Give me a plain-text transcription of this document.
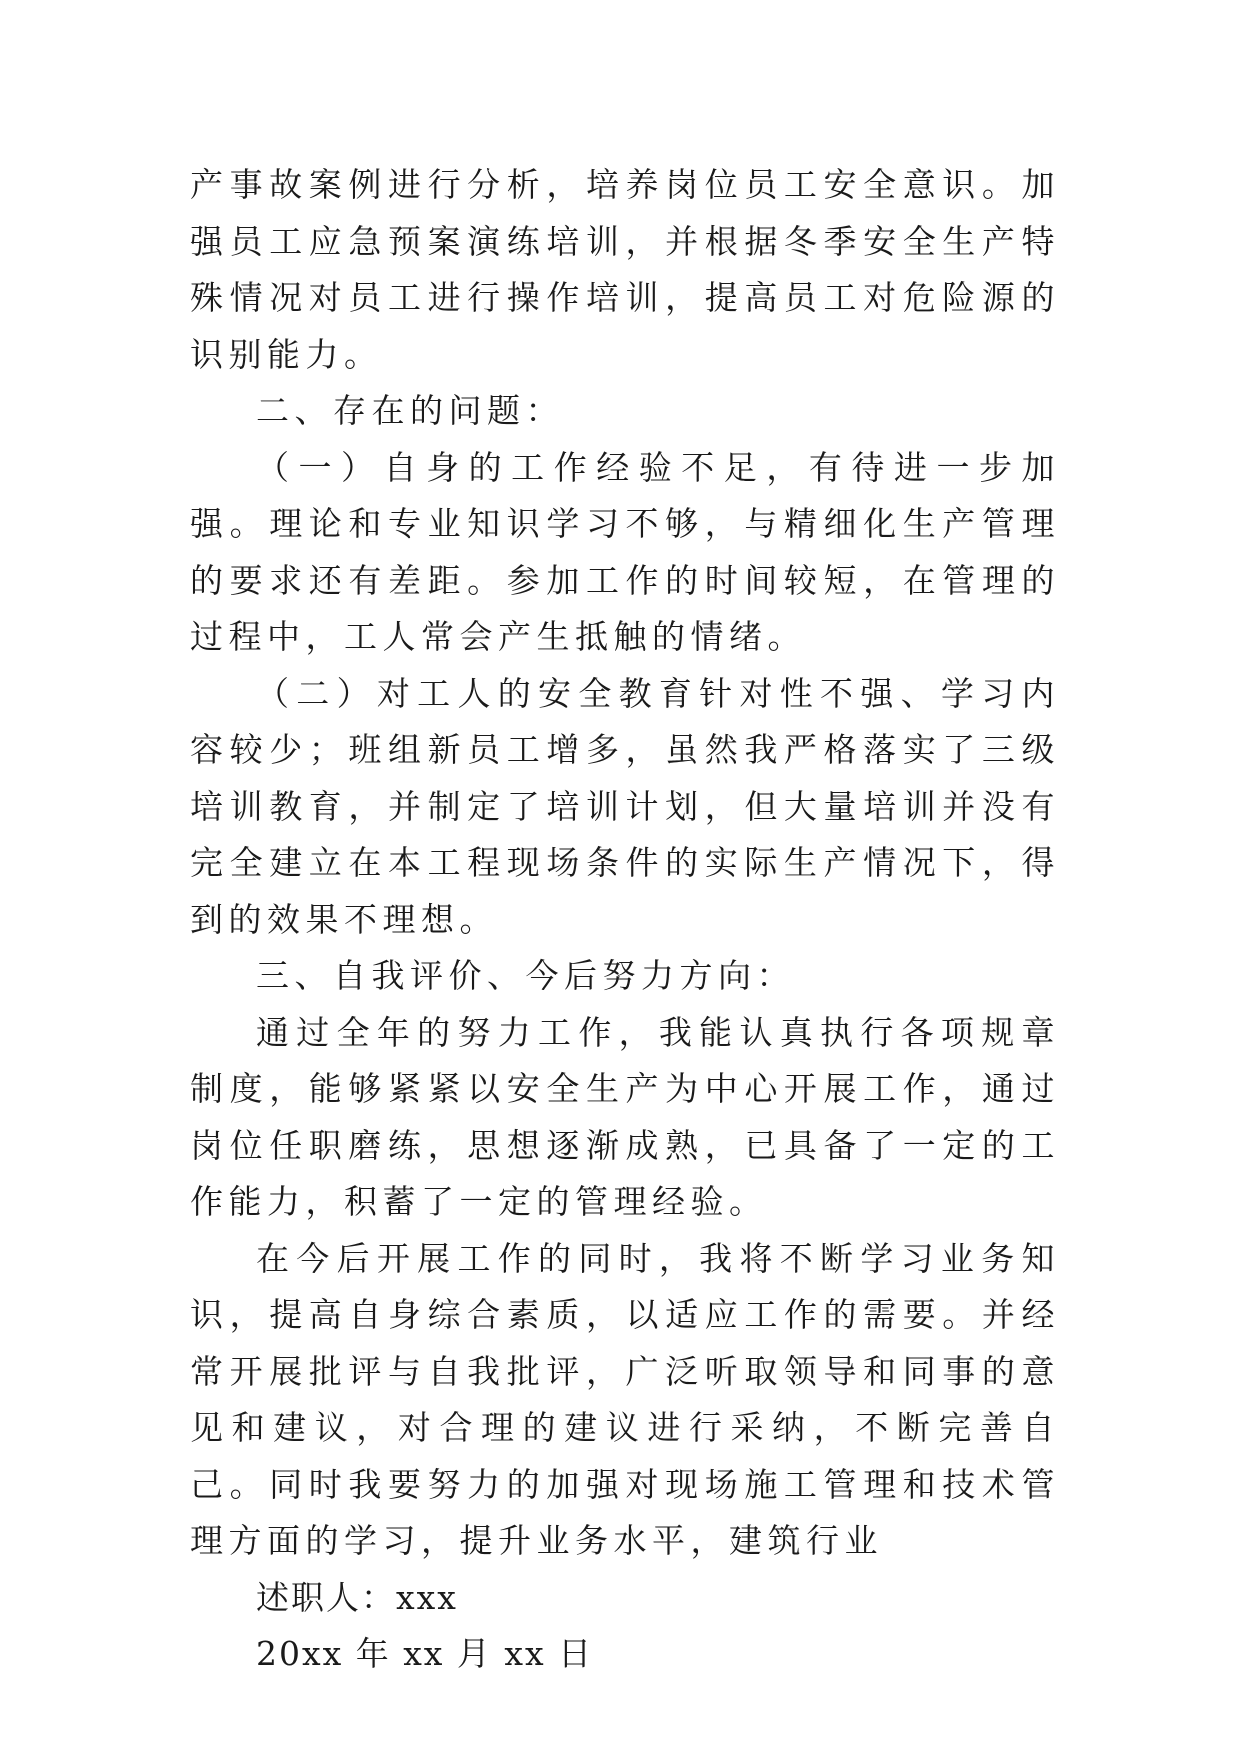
产事故案例进行分析，培养岗位员工安全意识。加强员工应急预案演练培训，并根据冬季安全生产特殊情况对员工进行操作培训，提高员工对危险源的识别能力。

二、存在的问题：

（一）自身的工作经验不足，有待进一步加强。理论和专业知识学习不够，与精细化生产管理的要求还有差距。参加工作的时间较短，在管理的过程中，工人常会产生抵触的情绪。

（二）对工人的安全教育针对性不强、学习内容较少；班组新员工增多，虽然我严格落实了三级培训教育，并制定了培训计划，但大量培训并没有完全建立在本工程现场条件的实际生产情况下，得到的效果不理想。

三、自我评价、今后努力方向：

通过全年的努力工作，我能认真执行各项规章制度，能够紧紧以安全生产为中心开展工作，通过岗位任职磨练，思想逐渐成熟，已具备了一定的工作能力，积蓄了一定的管理经验。

在今后开展工作的同时，我将不断学习业务知识，提高自身综合素质，以适应工作的需要。并经常开展批评与自我批评，广泛听取领导和同事的意见和建议，对合理的建议进行采纳，不断完善自己。同时我要努力的加强对现场施工管理和技术管理方面的学习，提升业务水平，建筑行业

述职人：xxx

20xx 年 xx 月 xx 日
